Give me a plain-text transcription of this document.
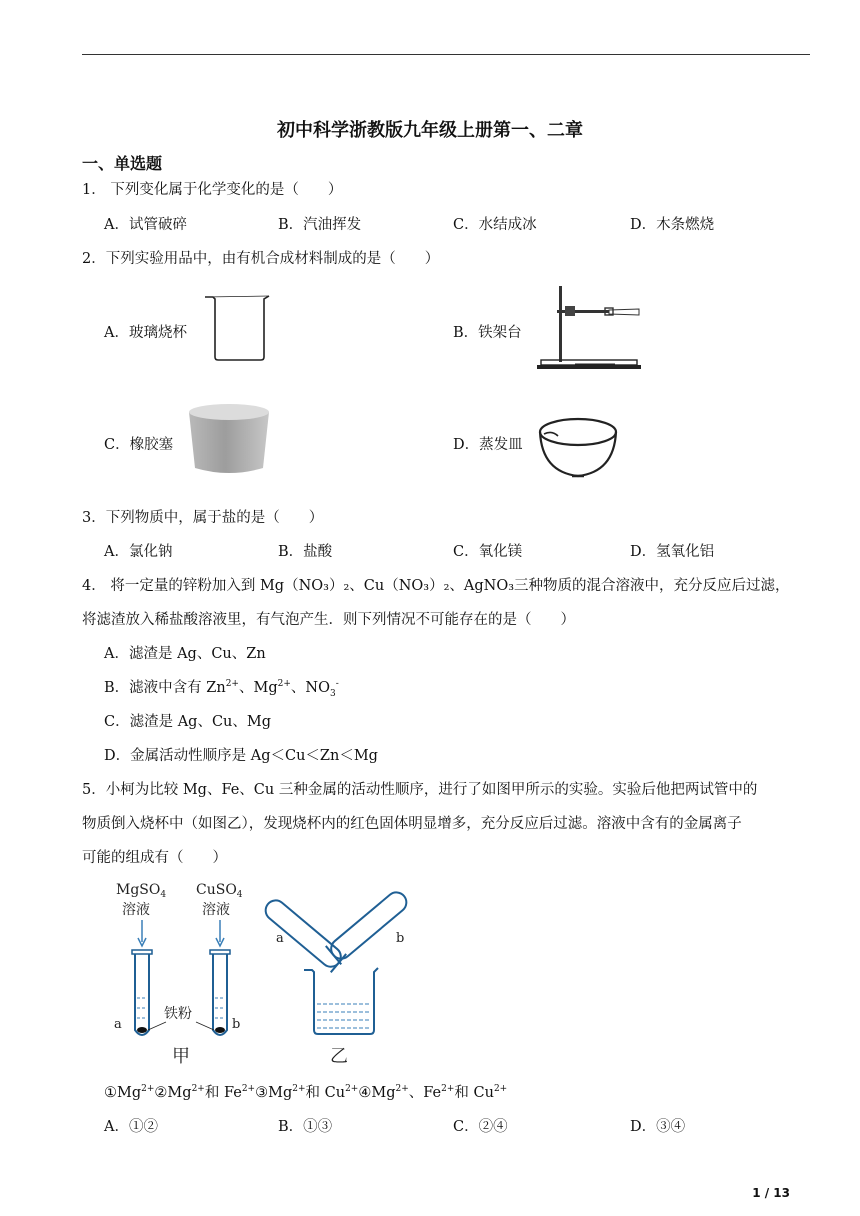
初中科学浙教版九年级上册第一、二章
一、单选题
1． 下列变化属于化学变化的是（　　）
A．试管破碎	B．汽油挥发	C．水结成冰	D．木条燃烧
2．下列实验用品中，由有机合成材料制成的是（　　）
A．玻璃烧杯	B．铁架台
C．橡胶塞	D．蒸发皿
3．下列物质中，属于盐的是（　　）
A．氯化钠	B．盐酸	C．氧化镁	D．氢氧化铝
4． 将一定量的锌粉加入到 Mg（NO₃）₂、Cu（NO₃）₂、AgNO₃三种物质的混合溶液中，充分反应后过滤，
将滤渣放入稀盐酸溶液里，有气泡产生．则下列情况不可能存在的是（　　）
A．滤渣是 Ag、Cu、Zn
B．滤液中含有 $Zn^{2+}$、$Mg^{2+}$、$NO_3^-$
C．滤渣是 Ag、Cu、Mg
D．金属活动性顺序是 Ag＜Cu＜Zn＜Mg
5．小柯为比较 Mg、Fe、Cu 三种金属的活动性顺序，进行了如图甲所示的实验。实验后他把两试管中的
物质倒入烧杯中（如图乙），发现烧杯内的红色固体明显增多，充分反应后过滤。溶液中含有的金属离子
可能的组成有（　　）
MgSO$_4$
溶液
CuSO$_4$
溶液
a	b
铁粉
甲
a	b
乙
$①Mg^{2+}②Mg^{2+}$和 $Fe^{2+}③Mg^{2+}$和 $Cu^{2+}④Mg^{2+}$、$Fe^{2+}$和 $Cu^{2+}$
A．①②	B．①③	C．②④	D．③④
1 / 13
